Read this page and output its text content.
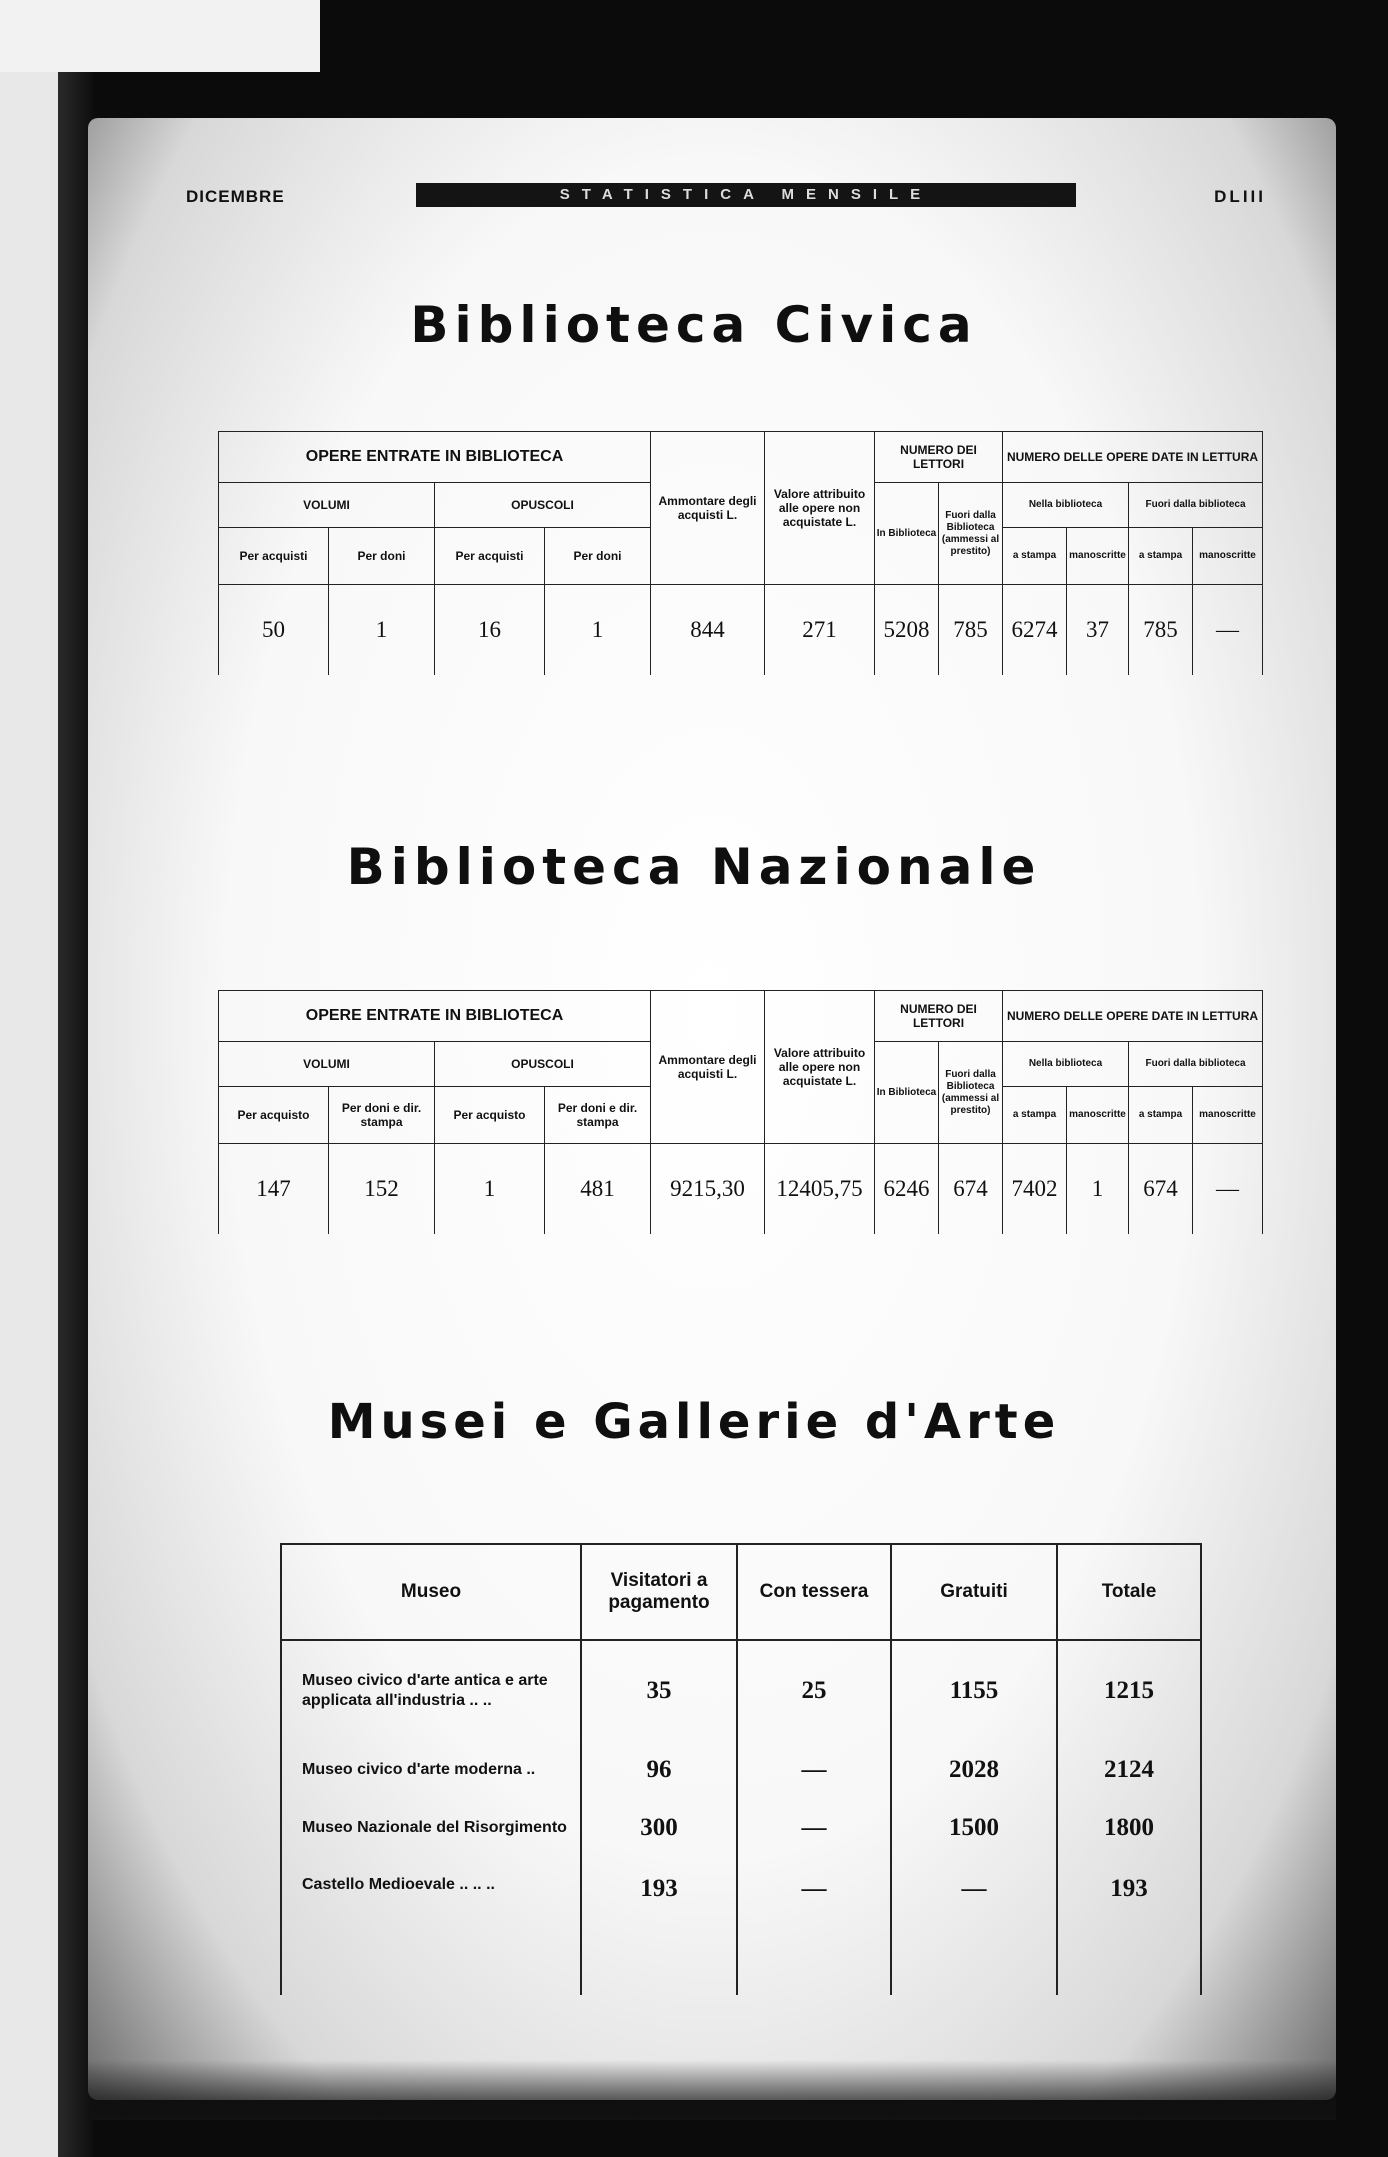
DICEMBRE	STATISTICA MENSILE	DLIII
Biblioteca Civica
OPERE ENTRATE IN BIBLIOTECA				Ammontare degli acquisti L.	Valore attribuito alle opere non acquistate L.	NUMERO DEI LETTORI		NUMERO DELLE OPERE DATE IN LETTURA			
VOLUMI		OPUSCOLI				In Biblioteca	Fuori dalla Biblioteca (ammessi al prestito)	Nella biblioteca		Fuori dalla biblioteca	
Per acquisti	Per doni	Per acquisti	Per doni					a stampa	manoscritte	a stampa	manoscritte
50	1	16	1	844	271	5208	785	6274	37	785	—
Biblioteca Nazionale
OPERE ENTRATE IN BIBLIOTECA				Ammontare degli acquisti L.	Valore attribuito alle opere non acquistate L.	NUMERO DEI LETTORI		NUMERO DELLE OPERE DATE IN LETTURA			
VOLUMI		OPUSCOLI				In Biblioteca	Fuori dalla Biblioteca (ammessi al prestito)	Nella biblioteca		Fuori dalla biblioteca	
Per acquisto	Per doni e dir. stampa	Per acquisto	Per doni e dir. stampa					a stampa	manoscritte	a stampa	manoscritte
147	152	1	481	9215,30	12405,75	6246	674	7402	1	674	—
Musei e Gallerie d'Arte
Museo	Visitatori a pagamento	Con tessera	Gratuiti	Totale
Museo civico d'arte antica e arte applicata all'industria .. ..	35	25	1155	1215
Museo civico d'arte moderna ..	96	—	2028	2124
Museo Nazionale del Risorgimento	300	—	1500	1800
Castello Medioevale .. .. ..	193	—	—	193
